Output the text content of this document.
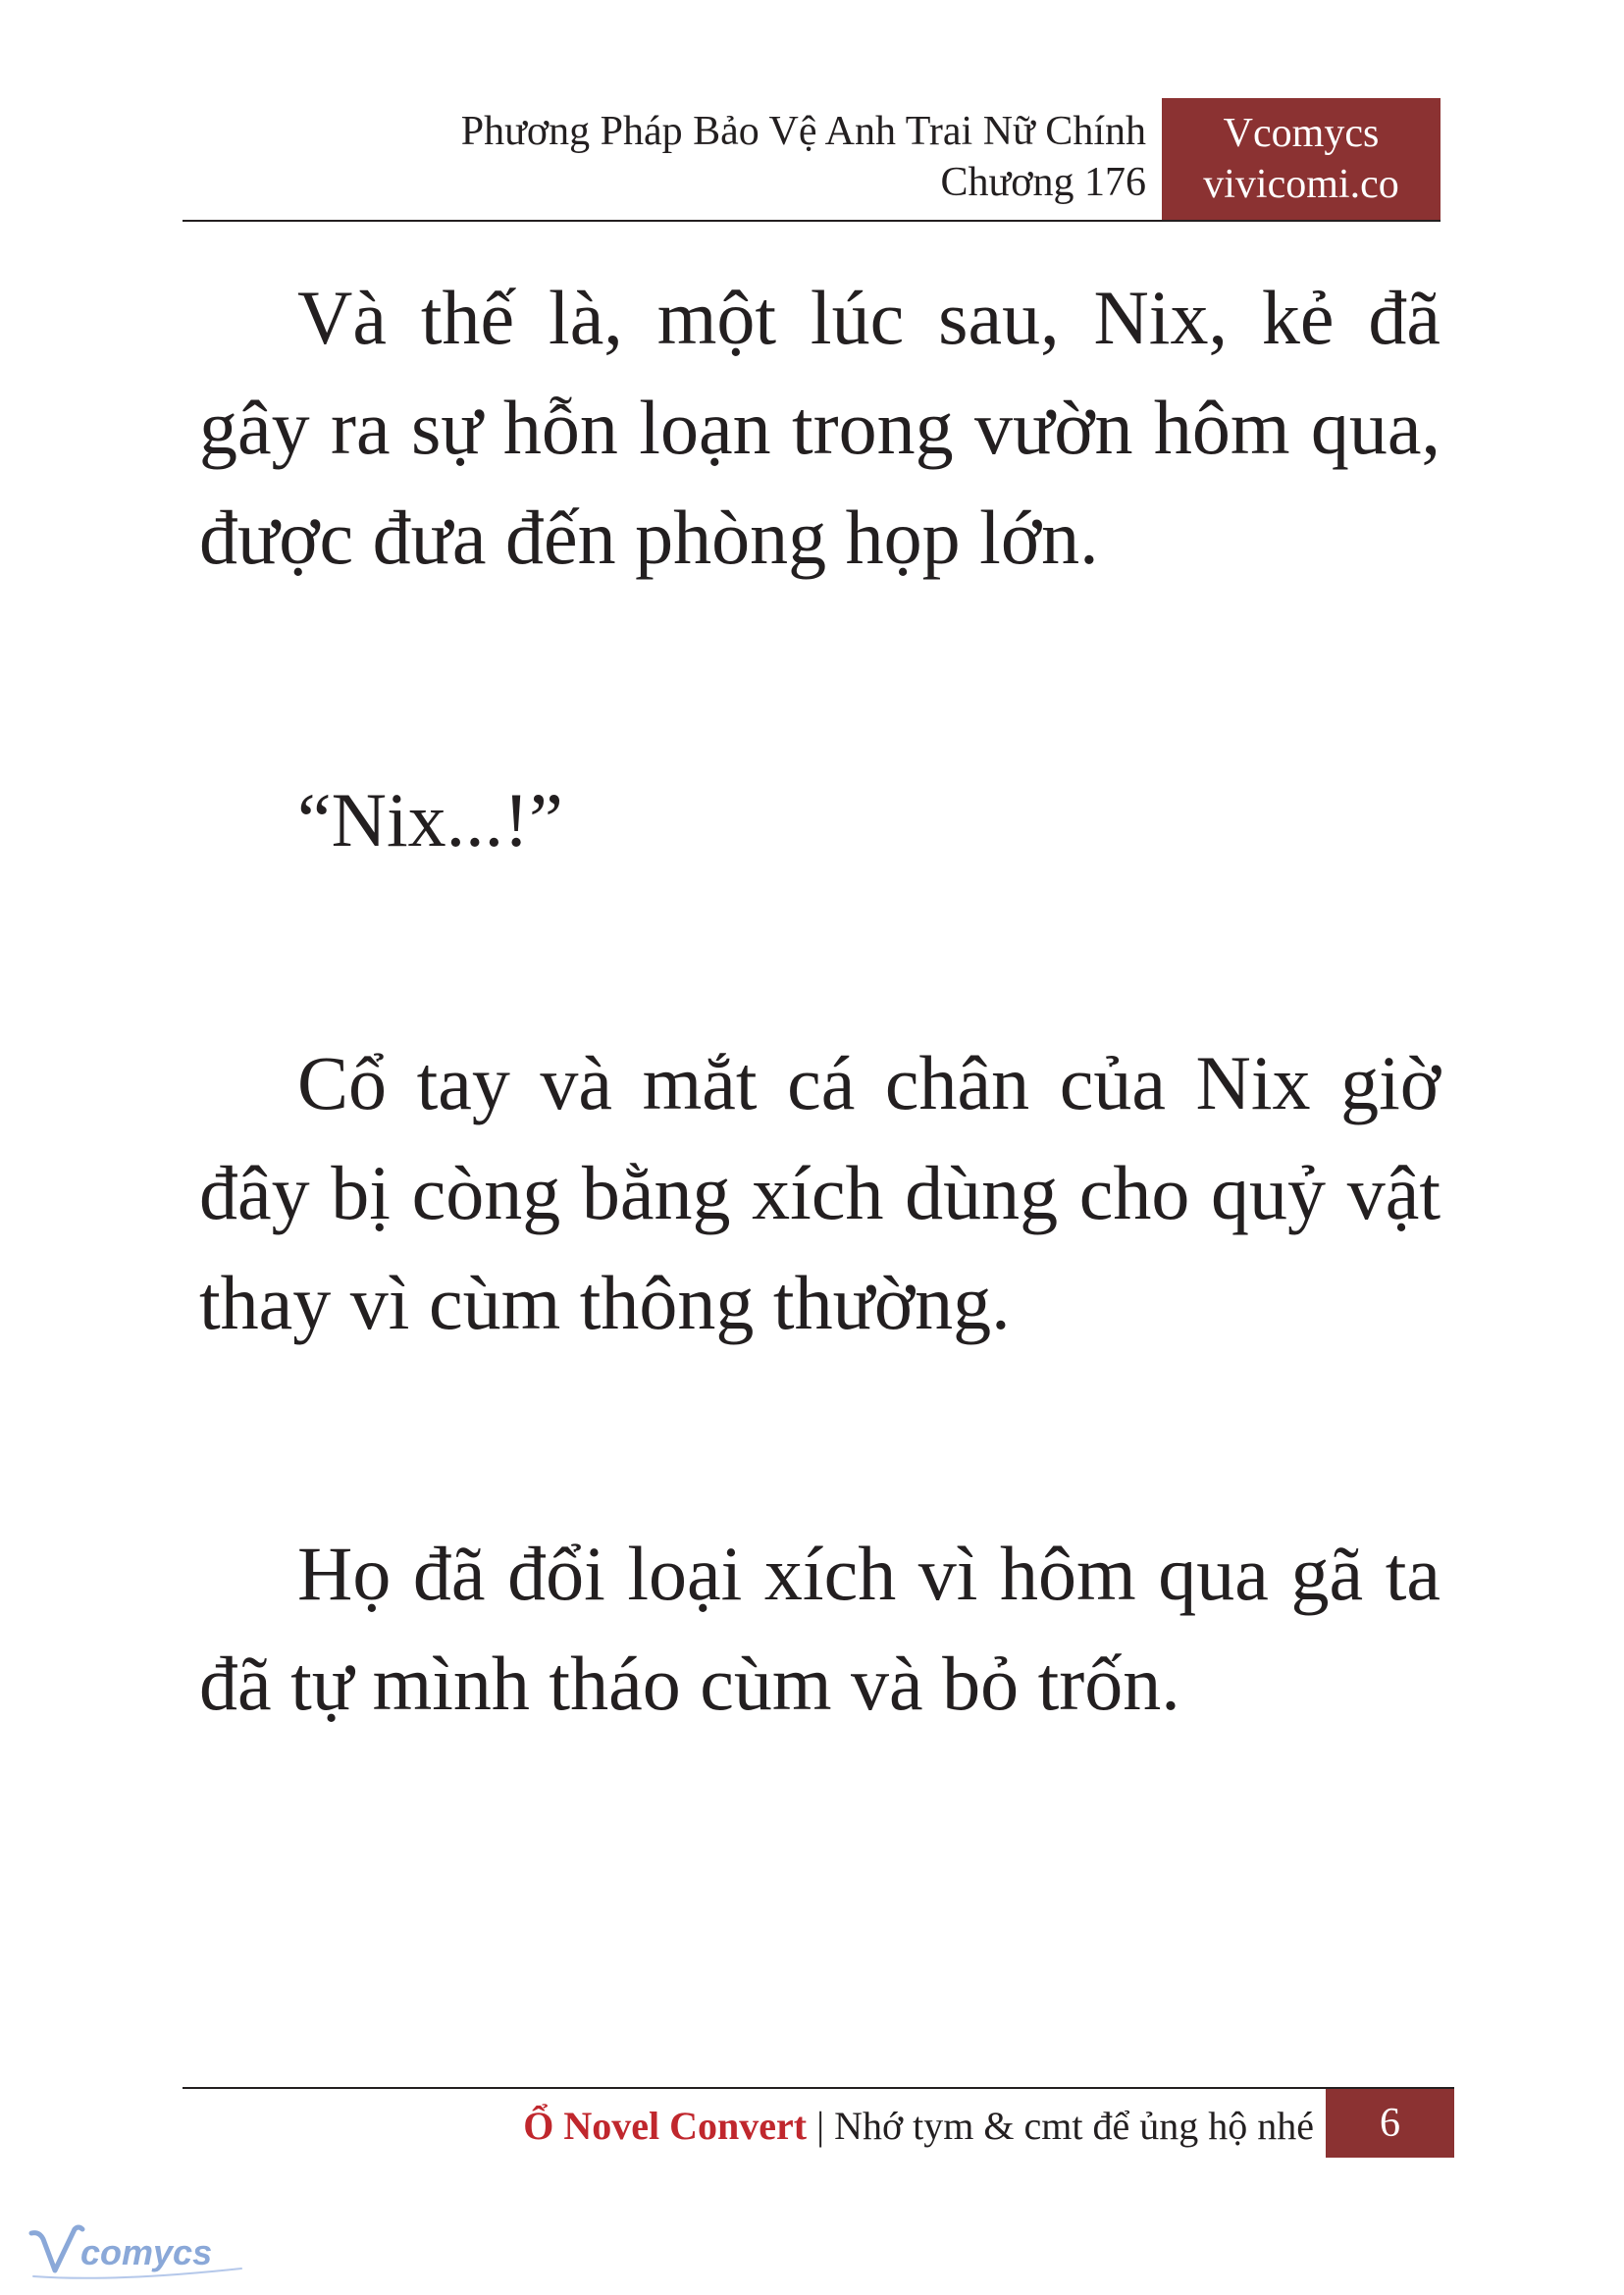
Phương Pháp Bảo Vệ Anh Trai Nữ Chính
Chương 176
Vcomycs
vivicomi.co

Và thế là, một lúc sau, Nix, kẻ đã gây ra sự hỗn loạn trong vườn hôm qua, được đưa đến phòng họp lớn.

“Nix...!”

Cổ tay và mắt cá chân của Nix giờ đây bị còng bằng xích dùng cho quỷ vật thay vì cùm thông thường.

Họ đã đổi loại xích vì hôm qua gã ta đã tự mình tháo cùm và bỏ trốn.

Ổ Novel Convert | Nhớ tym & cmt để ủng hộ nhé	6
comycs
